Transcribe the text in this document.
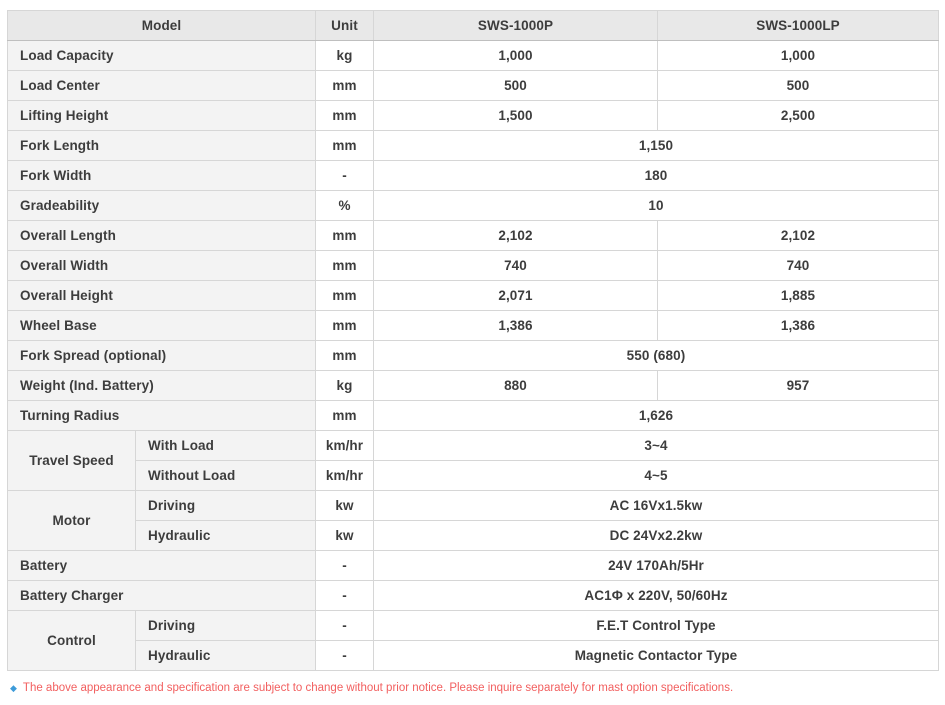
Model		Unit	SWS-1000P	SWS-1000LP
Load Capacity		kg	1,000	1,000
Load Center		mm	500	500
Lifting Height		mm	1,500	2,500
Fork Length		mm	1,150	
Fork Width		-	180	
Gradeability		%	10	
Overall Length		mm	2,102	2,102
Overall Width		mm	740	740
Overall Height		mm	2,071	1,885
Wheel Base		mm	1,386	1,386
Fork Spread (optional)		mm	550 (680)	
Weight (Ind. Battery)		kg	880	957
Turning Radius		mm	1,626	
Travel Speed	With Load	km/hr	3~4	
	Without Load	km/hr	4~5	
Motor	Driving	kw	AC 16Vx1.5kw	
	Hydraulic	kw	DC 24Vx2.2kw	
Battery		-	24V 170Ah/5Hr	
Battery Charger		-	AC1Φ x 220V, 50/60Hz	
Control	Driving	-	F.E.T Control Type	
	Hydraulic	-	Magnetic Contactor Type	
◆ The above appearance and specification are subject to change without prior notice. Please inquire separately for mast option specifications.
